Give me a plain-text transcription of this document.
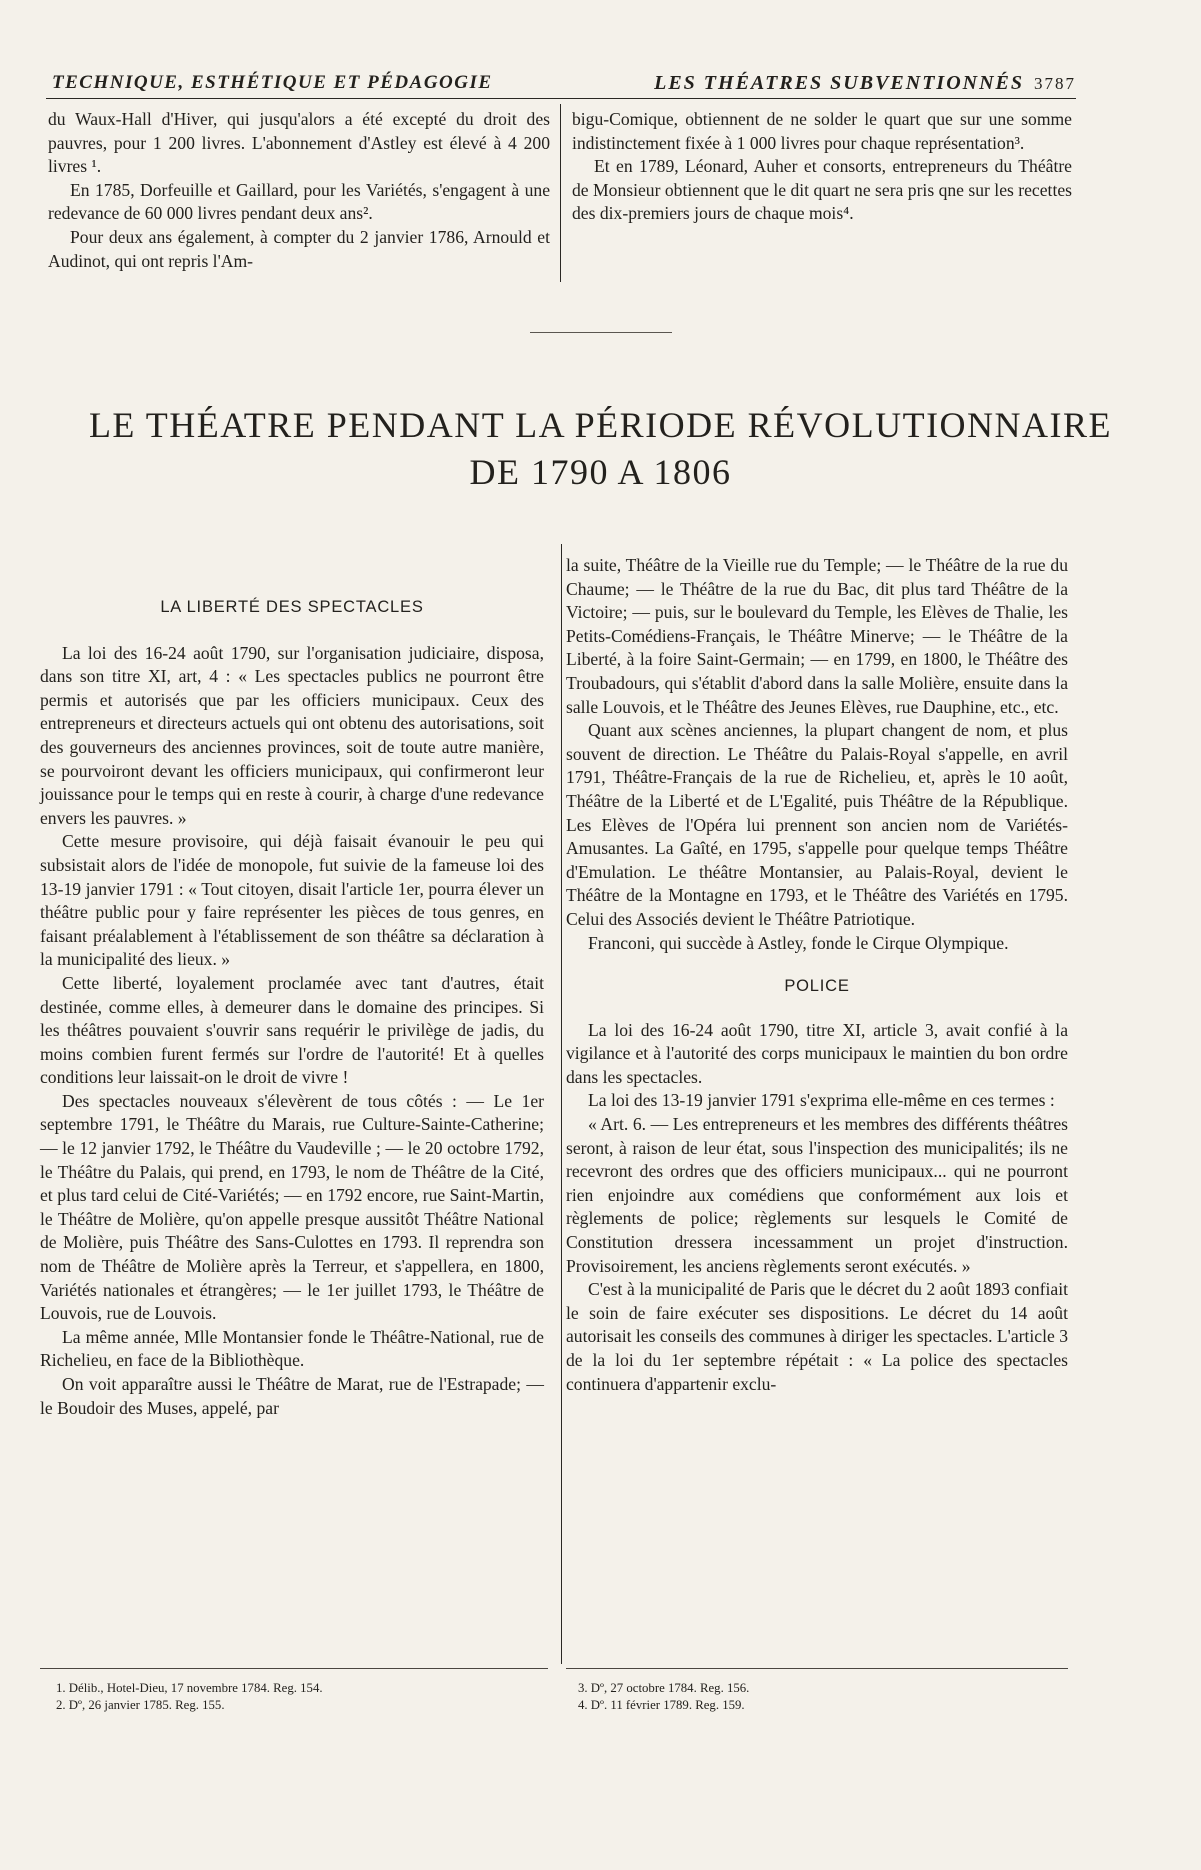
TECHNIQUE, ESTHÉTIQUE ET PÉDAGOGIE	LES THÉATRES SUBVENTIONNÉS 3787

du Waux-Hall d'Hiver, qui jusqu'alors a été excepté du droit des pauvres, pour 1 200 livres. L'abonnement d'Astley est élevé à 4 200 livres ¹.

En 1785, Dorfeuille et Gaillard, pour les Variétés, s'engagent à une redevance de 60 000 livres pendant deux ans².

Pour deux ans également, à compter du 2 janvier 1786, Arnould et Audinot, qui ont repris l'Am-

bigu-Comique, obtiennent de ne solder le quart que sur une somme indistinctement fixée à 1 000 livres pour chaque représentation³.

Et en 1789, Léonard, Auher et consorts, entrepreneurs du Théâtre de Monsieur obtiennent que le dit quart ne sera pris qne sur les recettes des dix-premiers jours de chaque mois⁴.

LE THÉATRE PENDANT LA PÉRIODE RÉVOLUTIONNAIRE
DE 1790 A 1806

LA LIBERTÉ DES SPECTACLES

La loi des 16-24 août 1790, sur l'organisation judiciaire, disposa, dans son titre XI, art, 4 : « Les spectacles publics ne pourront être permis et autorisés que par les officiers municipaux. Ceux des entrepreneurs et directeurs actuels qui ont obtenu des autorisations, soit des gouverneurs des anciennes provinces, soit de toute autre manière, se pourvoiront devant les officiers municipaux, qui confirmeront leur jouissance pour le temps qui en reste à courir, à charge d'une redevance envers les pauvres. »

Cette mesure provisoire, qui déjà faisait évanouir le peu qui subsistait alors de l'idée de monopole, fut suivie de la fameuse loi des 13-19 janvier 1791 : « Tout citoyen, disait l'article 1er, pourra élever un théâtre public pour y faire représenter les pièces de tous genres, en faisant préalablement à l'établissement de son théâtre sa déclaration à la municipalité des lieux. »

Cette liberté, loyalement proclamée avec tant d'autres, était destinée, comme elles, à demeurer dans le domaine des principes. Si les théâtres pouvaient s'ouvrir sans requérir le privilège de jadis, du moins combien furent fermés sur l'ordre de l'autorité! Et à quelles conditions leur laissait-on le droit de vivre !

Des spectacles nouveaux s'élevèrent de tous côtés : — Le 1er septembre 1791, le Théâtre du Marais, rue Culture-Sainte-Catherine; — le 12 janvier 1792, le Théâtre du Vaudeville ; — le 20 octobre 1792, le Théâtre du Palais, qui prend, en 1793, le nom de Théâtre de la Cité, et plus tard celui de Cité-Variétés; — en 1792 encore, rue Saint-Martin, le Théâtre de Molière, qu'on appelle presque aussitôt Théâtre National de Molière, puis Théâtre des Sans-Culottes en 1793. Il reprendra son nom de Théâtre de Molière après la Terreur, et s'appellera, en 1800, Variétés nationales et étrangères; — le 1er juillet 1793, le Théâtre de Louvois, rue de Louvois.

La même année, Mlle Montansier fonde le Théâtre-National, rue de Richelieu, en face de la Bibliothèque.

On voit apparaître aussi le Théâtre de Marat, rue de l'Estrapade; — le Boudoir des Muses, appelé, par

la suite, Théâtre de la Vieille rue du Temple; — le Théâtre de la rue du Chaume; — le Théâtre de la rue du Bac, dit plus tard Théâtre de la Victoire; — puis, sur le boulevard du Temple, les Elèves de Thalie, les Petits-Comédiens-Français, le Théâtre Minerve; — le Théâtre de la Liberté, à la foire Saint-Germain; — en 1799, en 1800, le Théâtre des Troubadours, qui s'établit d'abord dans la salle Molière, ensuite dans la salle Louvois, et le Théâtre des Jeunes Elèves, rue Dauphine, etc., etc.

Quant aux scènes anciennes, la plupart changent de nom, et plus souvent de direction. Le Théâtre du Palais-Royal s'appelle, en avril 1791, Théâtre-Français de la rue de Richelieu, et, après le 10 août, Théâtre de la Liberté et de L'Egalité, puis Théâtre de la République. Les Elèves de l'Opéra lui prennent son ancien nom de Variétés-Amusantes. La Gaîté, en 1795, s'appelle pour quelque temps Théâtre d'Emulation. Le théâtre Montansier, au Palais-Royal, devient le Théâtre de la Montagne en 1793, et le Théâtre des Variétés en 1795. Celui des Associés devient le Théâtre Patriotique.

Franconi, qui succède à Astley, fonde le Cirque Olympique.

POLICE

La loi des 16-24 août 1790, titre XI, article 3, avait confié à la vigilance et à l'autorité des corps municipaux le maintien du bon ordre dans les spectacles.

La loi des 13-19 janvier 1791 s'exprima elle-même en ces termes :

« Art. 6. — Les entrepreneurs et les membres des différents théâtres seront, à raison de leur état, sous l'inspection des municipalités; ils ne recevront des ordres que des officiers municipaux... qui ne pourront rien enjoindre aux comédiens que conformément aux lois et règlements de police; règlements sur lesquels le Comité de Constitution dressera incessamment un projet d'instruction. Provisoirement, les anciens règlements seront exécutés. »

C'est à la municipalité de Paris que le décret du 2 août 1893 confiait le soin de faire exécuter ses dispositions. Le décret du 14 août autorisait les conseils des communes à diriger les spectacles. L'article 3 de la loi du 1er septembre répétait : « La police des spectacles continuera d'appartenir exclu-

1. Délib., Hotel-Dieu, 17 novembre 1784. Reg. 154.

2. Dº, 26 janvier 1785. Reg. 155.

3. Dº, 27 octobre 1784. Reg. 156.

4. Dº. 11 février 1789. Reg. 159.
